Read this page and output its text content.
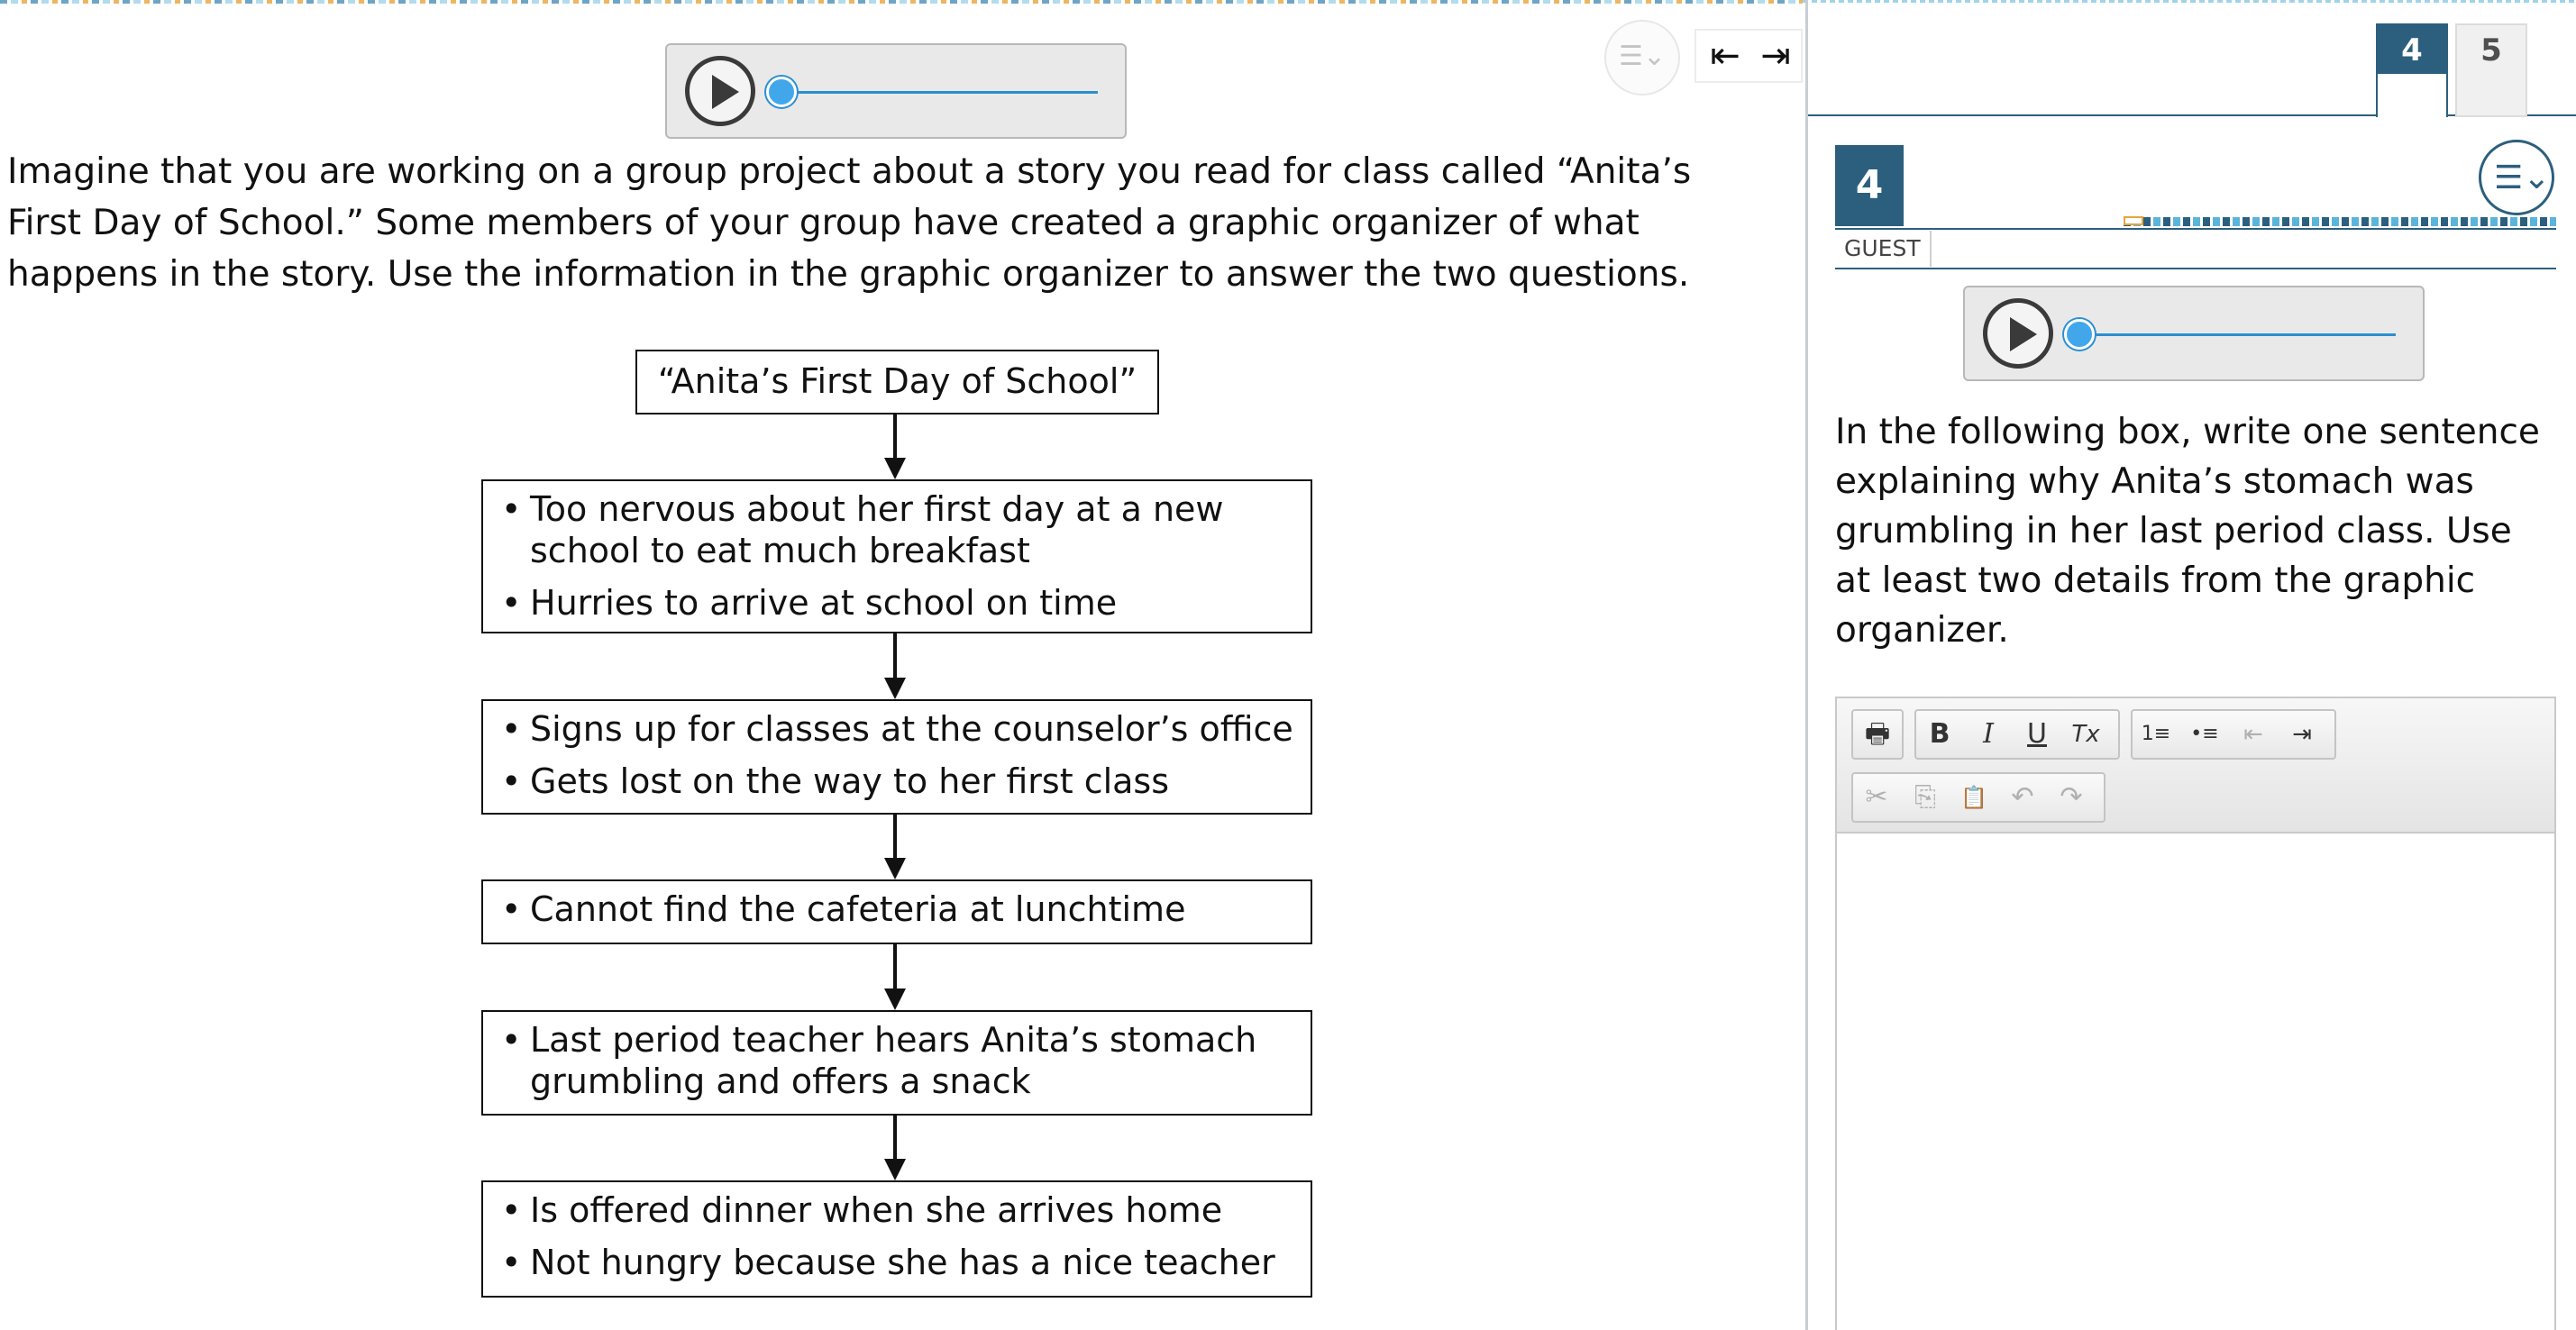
☰⌄ ⇤ ⇥

Imagine that you are working on a group project about a story you read for class called “Anita’s First Day of School.” Some members of your group have created a graphic organizer of what happens in the story. Use the information in the graphic organizer to answer the two questions.

“Anita’s First Day of School”
• Too nervous about her first day at a new school to eat much breakfast
• Hurries to arrive at school on time
• Signs up for classes at the counselor’s office
• Gets lost on the way to her first class
• Cannot find the cafeteria at lunchtime
• Last period teacher hears Anita’s stomach grumbling and offers a snack
• Is offered dinner when she arrives home
• Not hungry because she has a nice teacher
4	5
4
GUEST
☰⌄

In the following box, write one sentence explaining why Anita’s stomach was grumbling in her last period class. Use at least two details from the graphic organizer.

🖶	B	I	U	Tx 1≡ •≡	⇤	⇥
✂ ⎘	📋 ↶ ↷
